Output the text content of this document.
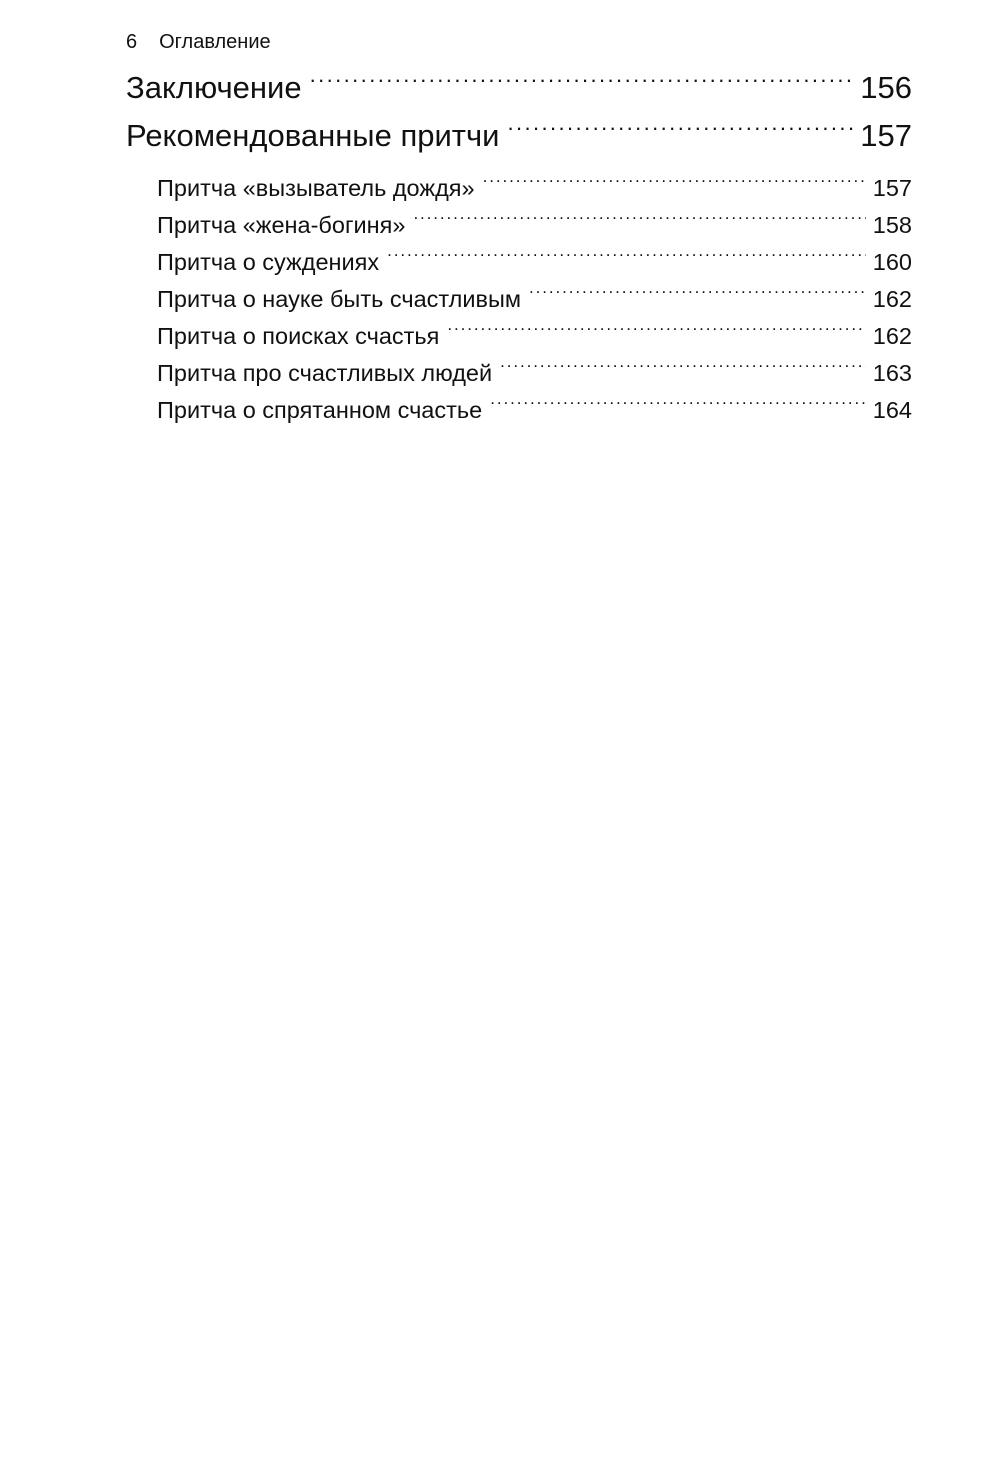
6 Оглавление
Заключение .....	156
Рекомендованные притчи .....	157
Притча «вызыватель дождя» .....	157
Притча «жена-богиня» .....	158
Притча о суждениях .....	160
Притча о науке быть счастливым .....	162
Притча о поисках счастья .....	162
Притча про счастливых людей .....	163
Притча о спрятанном счастье .....	164
